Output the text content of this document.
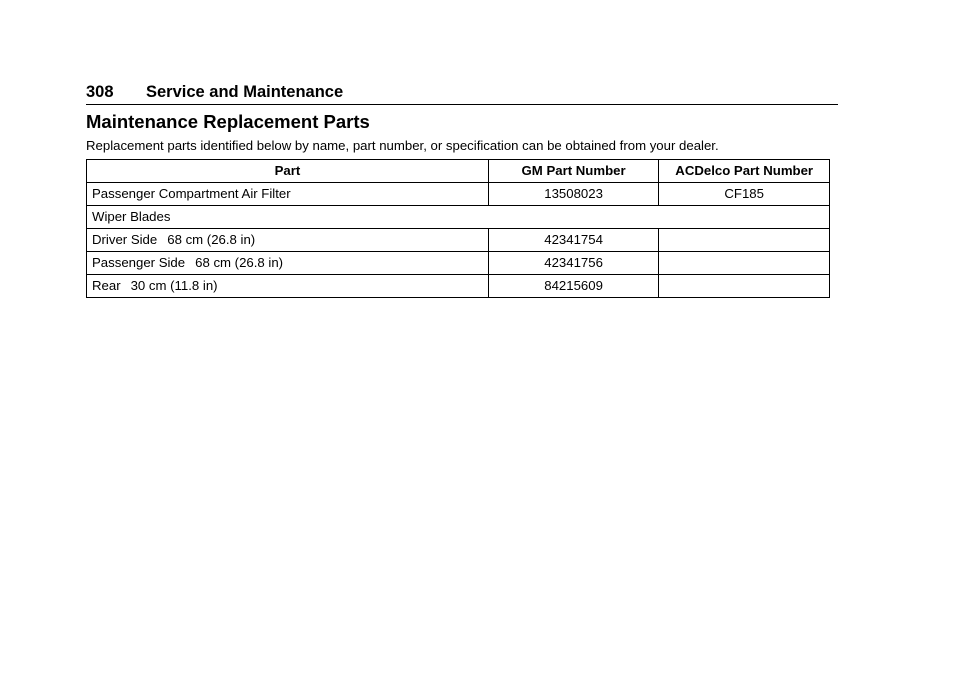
308	Service and Maintenance
Maintenance Replacement Parts

Replacement parts identified below by name, part number, or specification can be obtained from your dealer.

Part	GM Part Number	ACDelco Part Number
Passenger Compartment Air Filter	13508023	CF185
Wiper Blades		
Driver Side 68 cm (26.8 in)	42341754	
Passenger Side 68 cm (26.8 in)	42341756	
Rear 30 cm (11.8 in)	84215609	
